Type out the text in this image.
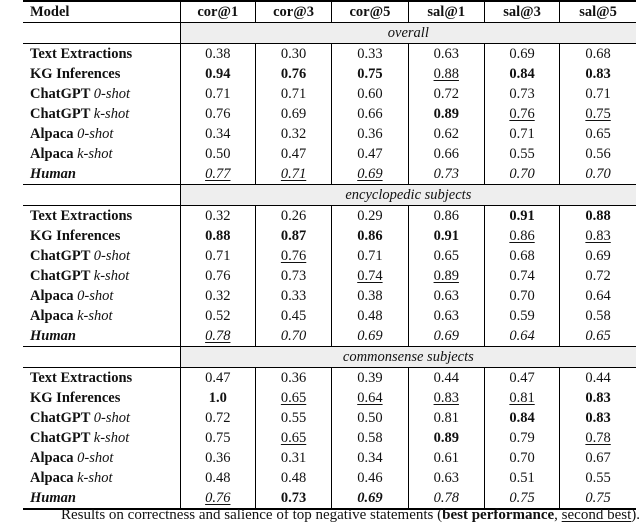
Model	cor@1	cor@3	cor@5	sal@1	sal@3	sal@5
	overall					
Text Extractions	0.38	0.30	0.33	0.63	0.69	0.68
KG Inferences	0.94	0.76	0.75	0.88	0.84	0.83
ChatGPT 0-shot	0.71	0.71	0.60	0.72	0.73	0.71
ChatGPT k-shot	0.76	0.69	0.66	0.89	0.76	0.75
Alpaca 0-shot	0.34	0.32	0.36	0.62	0.71	0.65
Alpaca k-shot	0.50	0.47	0.47	0.66	0.55	0.56
Human	0.77	0.71	0.69	0.73	0.70	0.70
	encyclopedic subjects					
Text Extractions	0.32	0.26	0.29	0.86	0.91	0.88
KG Inferences	0.88	0.87	0.86	0.91	0.86	0.83
ChatGPT 0-shot	0.71	0.76	0.71	0.65	0.68	0.69
ChatGPT k-shot	0.76	0.73	0.74	0.89	0.74	0.72
Alpaca 0-shot	0.32	0.33	0.38	0.63	0.70	0.64
Alpaca k-shot	0.52	0.45	0.48	0.63	0.59	0.58
Human	0.78	0.70	0.69	0.69	0.64	0.65
	commonsense subjects					
Text Extractions	0.47	0.36	0.39	0.44	0.47	0.44
KG Inferences	1.0	0.65	0.64	0.83	0.81	0.83
ChatGPT 0-shot	0.72	0.55	0.50	0.81	0.84	0.83
ChatGPT k-shot	0.75	0.65	0.58	0.89	0.79	0.78
Alpaca 0-shot	0.36	0.31	0.34	0.61	0.70	0.67
Alpaca k-shot	0.48	0.48	0.46	0.63	0.51	0.55
Human	0.76	0.73	0.69	0.78	0.75	0.75
Results on correctness and salience of top negative statements (best performance, second best).
